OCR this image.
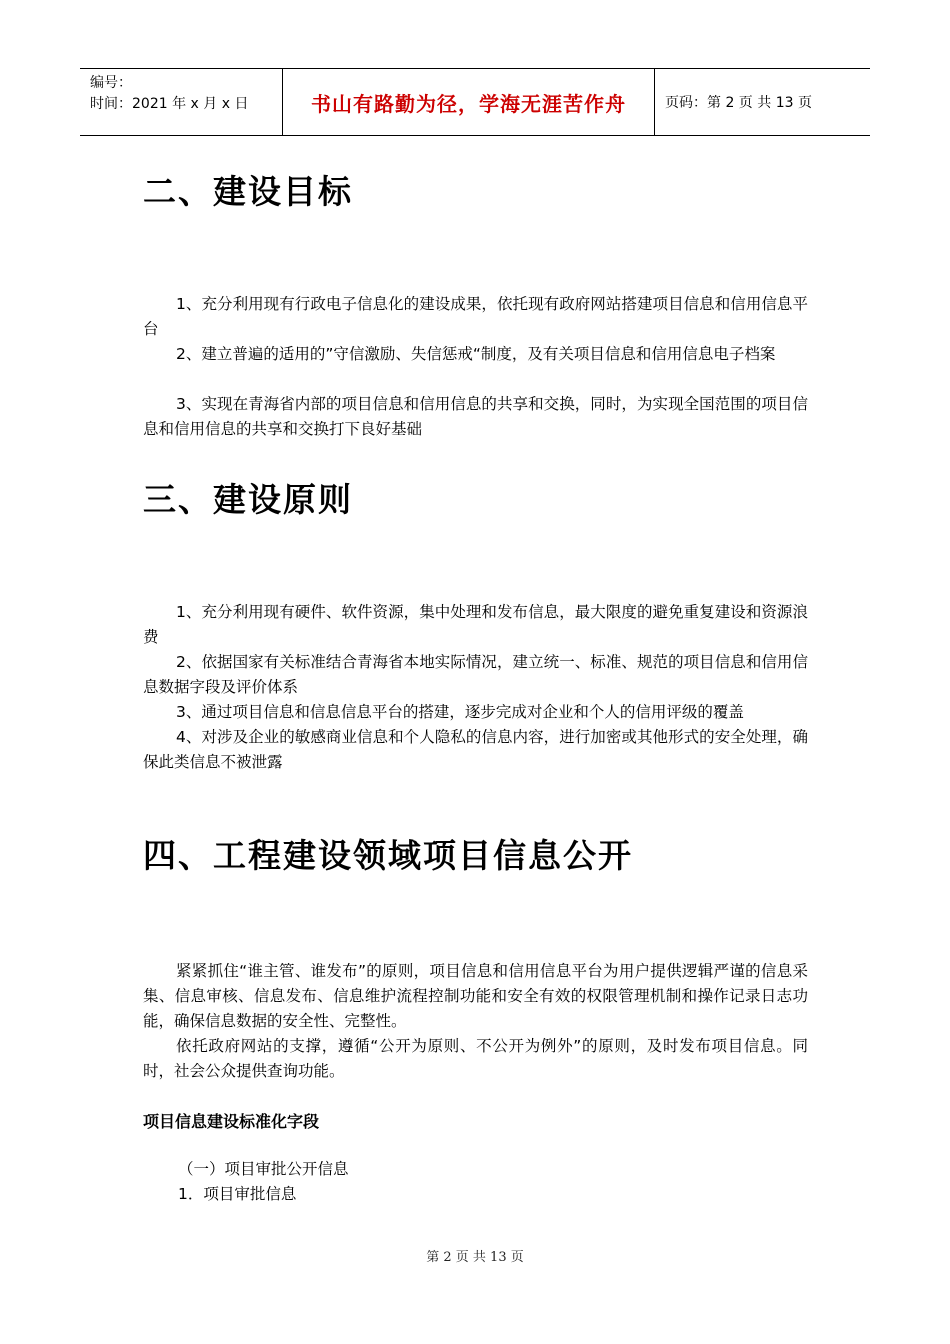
编号：
时间：2021 年 x 月 x 日	书山有路勤为径，学海无涯苦作舟	页码：第 2 页 共 13 页
二、建设目标

1、充分利用现有行政电子信息化的建设成果，依托现有政府网站搭建项目信息和信用信息平台

2、建立普遍的适用的”守信激励、失信惩戒“制度，及有关项目信息和信用信息电子档案

3、实现在青海省内部的项目信息和信用信息的共享和交换，同时，为实现全国范围的项目信息和信用信息的共享和交换打下良好基础

三、建设原则

1、充分利用现有硬件、软件资源，集中处理和发布信息，最大限度的避免重复建设和资源浪费

2、依据国家有关标准结合青海省本地实际情况，建立统一、标准、规范的项目信息和信用信息数据字段及评价体系

3、通过项目信息和信息信息平台的搭建，逐步完成对企业和个人的信用评级的覆盖

4、对涉及企业的敏感商业信息和个人隐私的信息内容，进行加密或其他形式的安全处理，确保此类信息不被泄露

四、工程建设领域项目信息公开

紧紧抓住“谁主管、谁发布”的原则，项目信息和信用信息平台为用户提供逻辑严谨的信息采集、信息审核、信息发布、信息维护流程控制功能和安全有效的权限管理机制和操作记录日志功能，确保信息数据的安全性、完整性。

依托政府网站的支撑，遵循“公开为原则、不公开为例外”的原则，及时发布项目信息。同时，社会公众提供查询功能。

项目信息建设标准化字段

（一）项目审批公开信息

1．项目审批信息

第 2 页 共 13 页
